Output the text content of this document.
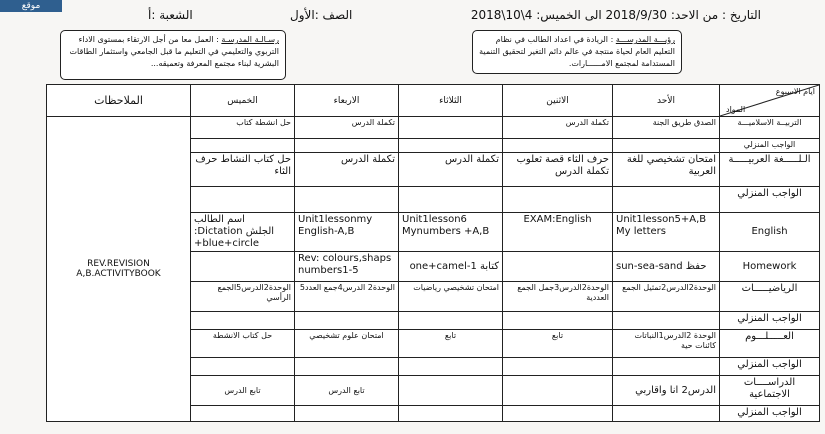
موقع
التاريخ : من الاحد: 2018/9/30 الى الخميس: 4\10\2018
الصف :الأول
الشعبة :أ
رؤيـــة المدرســـة : الريادة في اعداد الطالب في نظام التعليم العام لحياة منتجة في عالم دائم التغير لتحقيق التنمية المستدامة لمجتمع الامــــــارات.
رسـالـة المدرسـة : العمل معا من أجل الارتقاء بمستوى الاداء التربوي والتعليمي في التعليم ما قبل الجامعي واستثمار الطاقات البشرية لبناء مجتمع المعرفة وتعميقه...
ايام الاسبوع
المواد	الأحد	الاثنين	الثلاثاء	الاربعاء	الخميس	الملاحظات
التربيــة الاسلاميـــة	الصدق طريق الجنة	تكملة الدرس		تكملة الدرس	حل انشطة كتاب	REV.REVISION A,B.ACTIVITYBOOK
الواجب المنزلي						
الـلـــــغة العربيـــــة	امتحان تشخيصي للغة العربية	حرف الثاء قصة ثعلوب تكملة الدرس	تكملة الدرس	تكملة الدرس	حل كتاب النشاط حرف الثاء	
الواجب المنزلي						
English	Unit1lesson5+A,B My letters	EXAM:English	Unit1lesson6 Mynumbers +A,B	Unit1lessonmy English-A,B	اسم الطالب :Dictation الجلش +blue+circle	
Homework	sun-sea-sand حفظ		كتابة 1-one+camel	Rev: colours,shaps numbers1-5		
الرياضيـــــات	الوحدة2الدرس2تمثيل الجمع	الوحدة2الدرس3جمل الجمع العددية	امتحان تشخيصي رياضيات	الوحدة2 الدرس4جمع العدد5	الوحدة2الدرس5الجمع الرأسي	
الواجب المنزلي						
العـــــلـــوم	الوحدة 2الدرس1النباتات كائنات حية	تابع	تابع	امتحان علوم تشخيصي	حل كتاب الانشطة	
الواجب المنزلي						
الدراســــات الاجتماعية	الدرس2 انا واقاربي			تابع الدرس	تابع الدرس	
الواجب المنزلي						
